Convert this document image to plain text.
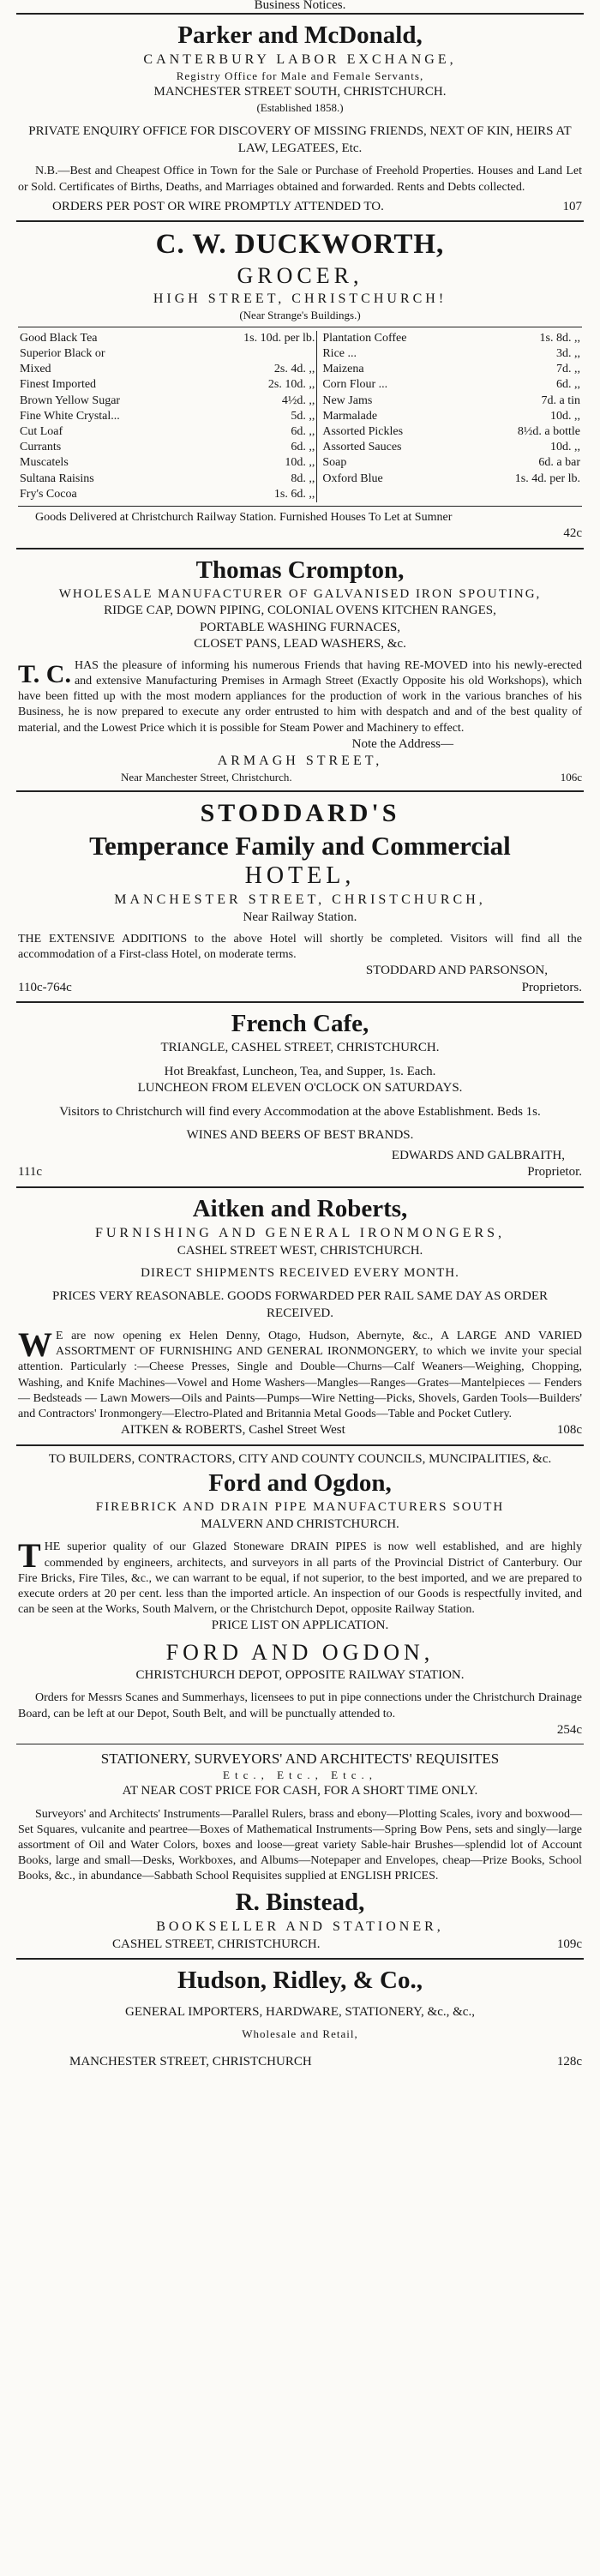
Business Notices.
Parker and McDonald,
CANTERBURY LABOR EXCHANGE,
Registry Office for Male and Female Servants,
MANCHESTER STREET SOUTH, CHRISTCHURCH.
(Established 1858.)
PRIVATE ENQUIRY OFFICE FOR DISCOVERY OF MISSING FRIENDS, NEXT OF KIN, HEIRS AT LAW, LEGATEES, Etc.
N.B.—Best and Cheapest Office in Town for the Sale or Purchase of Freehold Properties. Houses and Land Let or Sold. Certificates of Births, Deaths, and Marriages obtained and forwarded. Rents and Debts collected.
ORDERS PER POST OR WIRE PROMPTLY ATTENDED TO.	107
C. W. DUCKWORTH,
GROCER,
HIGH STREET, CHRISTCHURCH!
(Near Strange's Buildings.)
Good Black Tea	1s. 10d. per lb.		Plantation Coffee	1s. 8d. ,,
Superior Black or			Rice ...	3d. ,,
Mixed	2s. 4d. ,,		Maizena	7d. ,,
Finest Imported	2s. 10d. ,,		Corn Flour ...	6d. ,,
Brown Yellow Sugar	4½d. ,,		New Jams	7d. a tin
Fine White Crystal...	5d. ,,		Marmalade	10d. ,,
Cut Loaf	6d. ,,		Assorted Pickles	8½d. a bottle
Currants	6d. ,,		Assorted Sauces	10d. ,,
Muscatels	10d. ,,		Soap	6d. a bar
Sultana Raisins	8d. ,,		Oxford Blue	1s. 4d. per lb.
Fry's Cocoa	1s. 6d. ,,			
Goods Delivered at Christchurch Railway Station. Furnished Houses To Let at Sumner
42c
Thomas Crompton,
WHOLESALE MANUFACTURER OF GALVANISED IRON SPOUTING,
RIDGE CAP, DOWN PIPING, COLONIAL OVENS KITCHEN RANGES,
PORTABLE WASHING FURNACES,
CLOSET PANS, LEAD WASHERS, &c.
T. C. HAS the pleasure of informing his numerous Friends that having RE-MOVED into his newly-erected and extensive Manufacturing Premises in Armagh Street (Exactly Opposite his old Workshops), which have been fitted up with the most modern appliances for the production of work in the various branches of his Business, he is now prepared to execute any order entrusted to him with despatch and and of the best quality of material, and the Lowest Price which it is possible for Steam Power and Machinery to effect.
Note the Address—
ARMAGH STREET,
Near Manchester Street, Christchurch.	106c
STODDARD'S
Temperance Family and Commercial
HOTEL,
MANCHESTER STREET, CHRISTCHURCH,
Near Railway Station.
THE EXTENSIVE ADDITIONS to the above Hotel will shortly be completed. Visitors will find all the accommodation of a First-class Hotel, on moderate terms.
STODDARD AND PARSONSON,
110c-764c	Proprietors.
French Cafe,
TRIANGLE, CASHEL STREET, CHRISTCHURCH.
Hot Breakfast, Luncheon, Tea, and Supper, 1s. Each.
LUNCHEON FROM ELEVEN O'CLOCK ON SATURDAYS.
Visitors to Christchurch will find every Accommodation at the above Establishment. Beds 1s.
WINES AND BEERS OF BEST BRANDS.
EDWARDS AND GALBRAITH,
111c	Proprietor.
Aitken and Roberts,
FURNISHING AND GENERAL IRONMONGERS,
CASHEL STREET WEST, CHRISTCHURCH.
DIRECT SHIPMENTS RECEIVED EVERY MONTH.
PRICES VERY REASONABLE. GOODS FORWARDED PER RAIL SAME DAY AS ORDER RECEIVED.
W E are now opening ex Helen Denny, Otago, Hudson, Abernyte, &c., A LARGE AND VARIED ASSORTMENT OF FURNISHING AND GENERAL IRONMONGERY, to which we invite your special attention. Particularly :—Cheese Presses, Single and Double—Churns—Calf Weaners—Weighing, Chopping, Washing, and Knife Machines—Vowel and Home Washers—Mangles—Ranges—Grates—Mantelpieces — Fenders — Bedsteads — Lawn Mowers—Oils and Paints—Pumps—Wire Netting—Picks, Shovels, Garden Tools—Builders' and Contractors' Ironmongery—Electro-Plated and Britannia Metal Goods—Table and Pocket Cutlery.
AITKEN & ROBERTS, Cashel Street West	108c
TO BUILDERS, CONTRACTORS, CITY AND COUNTY COUNCILS, MUNCIPALITIES, &c.
Ford and Ogdon,
FIREBRICK AND DRAIN PIPE MANUFACTURERS SOUTH
MALVERN AND CHRISTCHURCH.
T HE superior quality of our Glazed Stoneware DRAIN PIPES is now well established, and are highly commended by engineers, architects, and surveyors in all parts of the Provincial District of Canterbury. Our Fire Bricks, Fire Tiles, &c., we can warrant to be equal, if not superior, to the best imported, and we are prepared to execute orders at 20 per cent. less than the imported article. An inspection of our Goods is respectfully invited, and can be seen at the Works, South Malvern, or the Christchurch Depot, opposite Railway Station.
PRICE LIST ON APPLICATION.
FORD AND OGDON,
CHRISTCHURCH DEPOT, OPPOSITE RAILWAY STATION.
Orders for Messrs Scanes and Summerhays, licensees to put in pipe connections under the Christchurch Drainage Board, can be left at our Depot, South Belt, and will be punctually attended to.
254c
STATIONERY, SURVEYORS' AND ARCHITECTS' REQUISITES
Etc., Etc., Etc.,
AT NEAR COST PRICE FOR CASH, FOR A SHORT TIME ONLY.
Surveyors' and Architects' Instruments—Parallel Rulers, brass and ebony—Plotting Scales, ivory and boxwood—Set Squares, vulcanite and peartree—Boxes of Mathematical Instruments—Spring Bow Pens, sets and singly—large assortment of Oil and Water Colors, boxes and loose—great variety Sable-hair Brushes—splendid lot of Account Books, large and small—Desks, Workboxes, and Albums—Notepaper and Envelopes, cheap—Prize Books, School Books, &c., in abundance—Sabbath School Requisites supplied at ENGLISH PRICES.
R. Binstead,
BOOKSELLER AND STATIONER,
CASHEL STREET, CHRISTCHURCH.	109c
Hudson, Ridley, & Co.,
GENERAL IMPORTERS, HARDWARE, STATIONERY, &c., &c.,
Wholesale and Retail,
MANCHESTER STREET, CHRISTCHURCH	128c
